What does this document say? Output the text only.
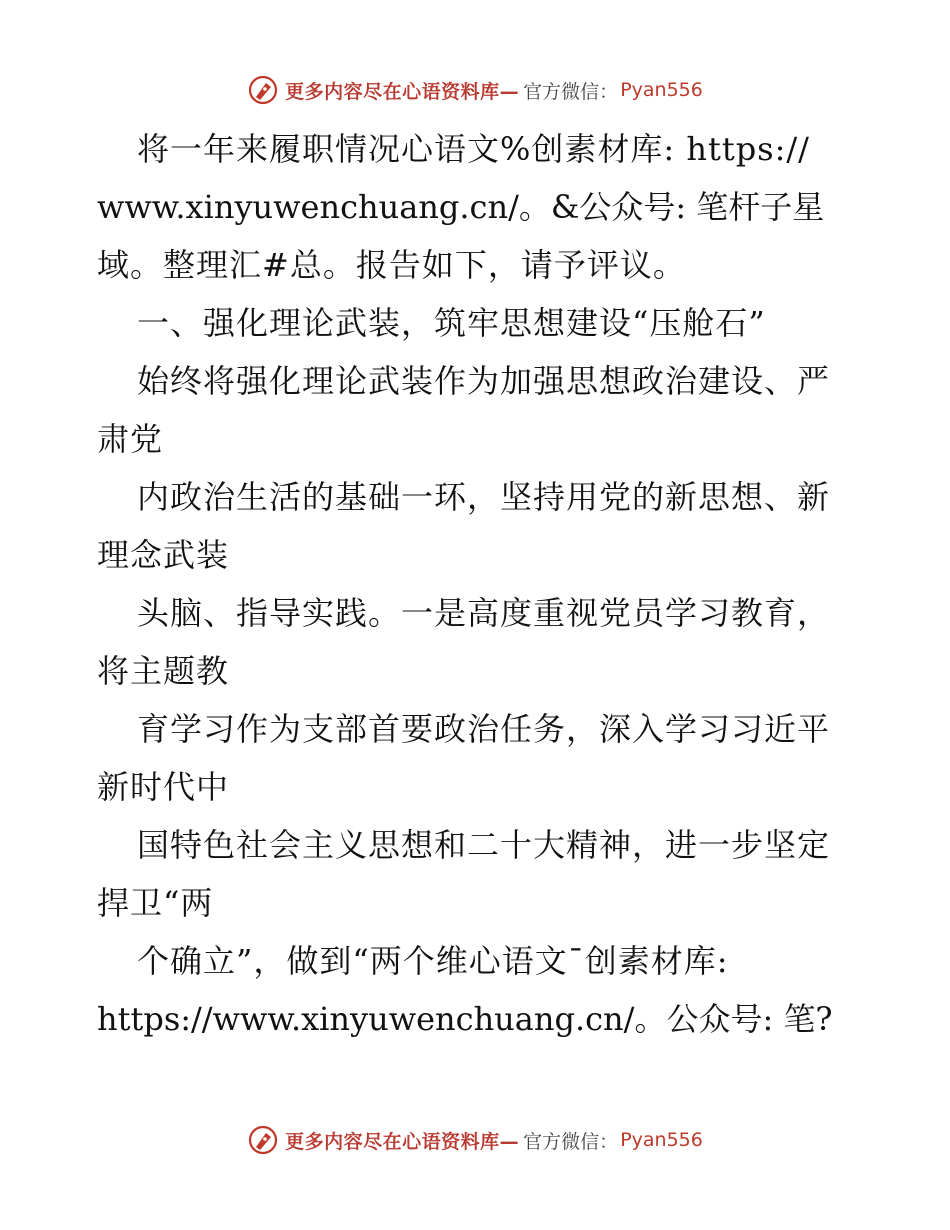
更多内容尽在心语资料库— 官方微信： Pyan556
将一年来履职情况心语文%创素材库: https://
www.xinyuwenchuang.cn/。&公众号: 笔杆子星
域。整理汇#总。报告如下，请予评议。
一、强化理论武装，筑牢思想建设“压舱石”
始终将强化理论武装作为加强思想政治建设、严
肃党
内政治生活的基础一环，坚持用党的新思想、新
理念武装
头脑、指导实践。一是高度重视党员学习教育，
将主题教
育学习作为支部首要政治任务，深入学习习近平
新时代中
国特色社会主义思想和二十大精神，进一步坚定
捍卫“两
个确立”，做到“两个维心语文¯创素材库:
https://www.xinyuwenchuang.cn/。公众号: 笔?
更多内容尽在心语资料库— 官方微信： Pyan556
